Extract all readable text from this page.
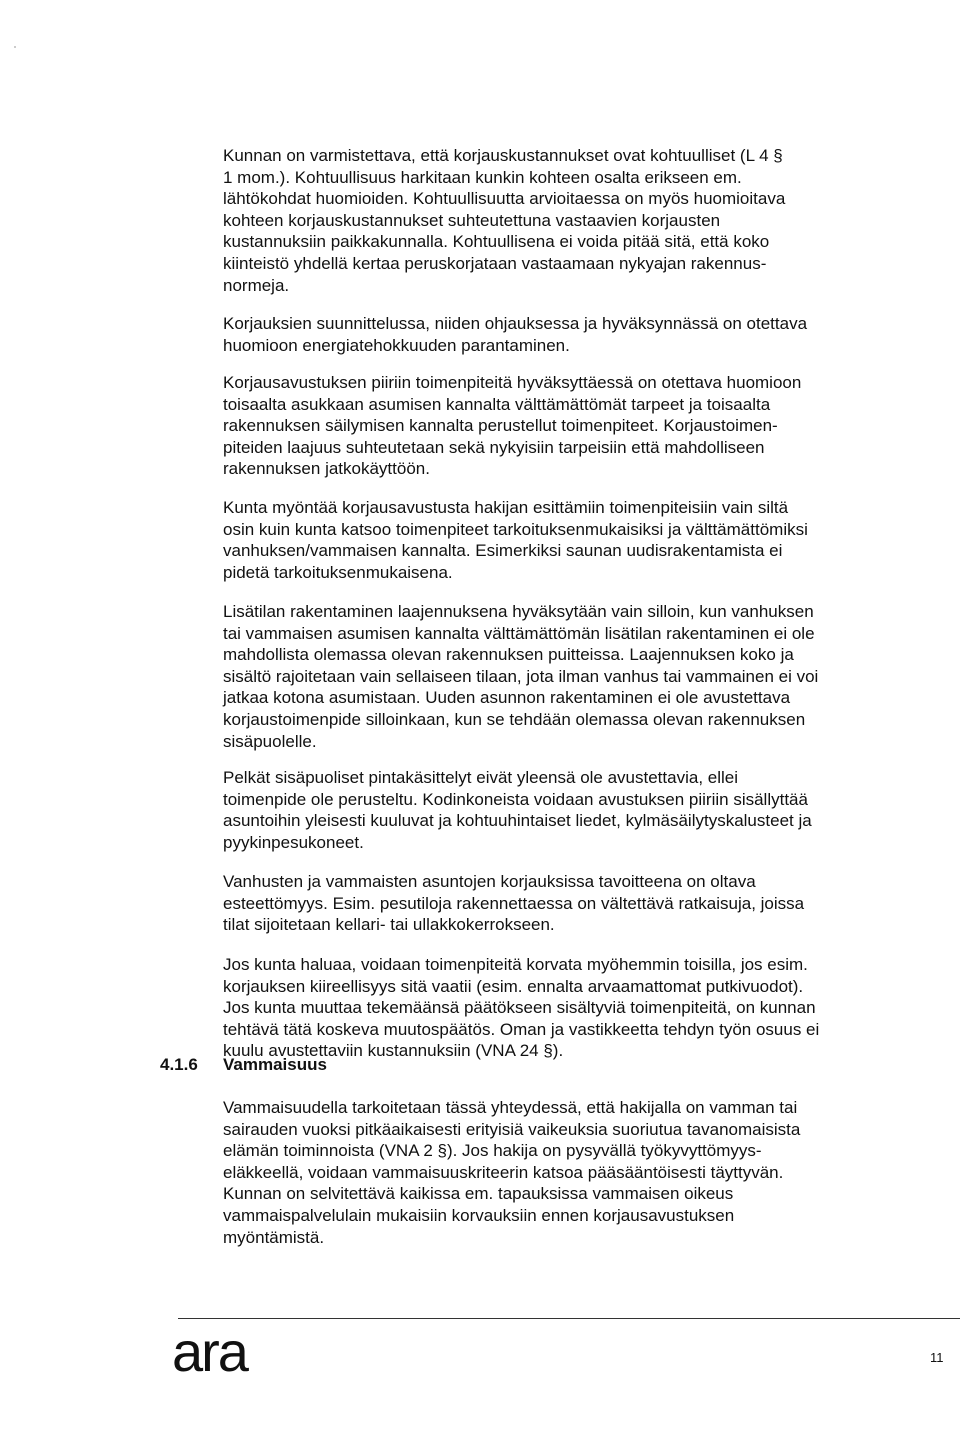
Kunnan on varmistettava, että korjauskustannukset ovat kohtuulliset (L 4 §
1 mom.). Kohtuullisuus harkitaan kunkin kohteen osalta erikseen em.
lähtökohdat huomioiden. Kohtuullisuutta arvioitaessa on myös huomioitava
kohteen korjauskustannukset suhteutettuna vastaavien korjausten
kustannuksiin paikkakunnalla. Kohtuullisena ei voida pitää sitä, että koko
kiinteistö yhdellä kertaa peruskorjataan vastaamaan nykyajan rakennus-
normeja.

Korjauksien suunnittelussa, niiden ohjauksessa ja hyväksynnässä on otettava
huomioon energiatehokkuuden parantaminen.

Korjausavustuksen piiriin toimenpiteitä hyväksyttäessä on otettava huomioon
toisaalta asukkaan asumisen kannalta välttämättömät tarpeet ja toisaalta
rakennuksen säilymisen kannalta perustellut toimenpiteet. Korjaustoimen-
piteiden laajuus suhteutetaan sekä nykyisiin tarpeisiin että mahdolliseen
rakennuksen jatkokäyttöön.

Kunta myöntää korjausavustusta hakijan esittämiin toimenpiteisiin vain siltä
osin kuin kunta katsoo toimenpiteet tarkoituksenmukaisiksi ja välttämättömiksi
vanhuksen/vammaisen kannalta. Esimerkiksi saunan uudisrakentamista ei
pidetä tarkoituksenmukaisena.

Lisätilan rakentaminen laajennuksena hyväksytään vain silloin, kun vanhuksen
tai vammaisen asumisen kannalta välttämättömän lisätilan rakentaminen ei ole
mahdollista olemassa olevan rakennuksen puitteissa. Laajennuksen koko ja
sisältö rajoitetaan vain sellaiseen tilaan, jota ilman vanhus tai vammainen ei voi
jatkaa kotona asumistaan. Uuden asunnon rakentaminen ei ole avustettava
korjaustoimenpide silloinkaan, kun se tehdään olemassa olevan rakennuksen
sisäpuolelle.

Pelkät sisäpuoliset pintakäsittelyt eivät yleensä ole avustettavia, ellei
toimenpide ole perusteltu. Kodinkoneista voidaan avustuksen piiriin sisällyttää
asuntoihin yleisesti kuuluvat ja kohtuuhintaiset liedet, kylmäsäilytyskalusteet ja
pyykinpesukoneet.

Vanhusten ja vammaisten asuntojen korjauksissa tavoitteena on oltava
esteettömyys. Esim. pesutiloja rakennettaessa on vältettävä ratkaisuja, joissa
tilat sijoitetaan kellari- tai ullakkokerrokseen.

Jos kunta haluaa, voidaan toimenpiteitä korvata myöhemmin toisilla, jos esim.
korjauksen kiireellisyys sitä vaatii (esim. ennalta arvaamattomat putkivuodot).
Jos kunta muuttaa tekemäänsä päätökseen sisältyviä toimenpiteitä, on kunnan
tehtävä tätä koskeva muutospäätös. Oman ja vastikkeetta tehdyn työn osuus ei
kuulu avustettaviin kustannuksiin (VNA 24 §).

4.1.6 Vammaisuus

Vammaisuudella tarkoitetaan tässä yhteydessä, että hakijalla on vamman tai
sairauden vuoksi pitkäaikaisesti erityisiä vaikeuksia suoriutua tavanomaisista
elämän toiminnoista (VNA 2 §). Jos hakija on pysyvällä työkyvyttömyys-
eläkkeellä, voidaan vammaisuuskriteerin katsoa pääsääntöisesti täyttyvän.
Kunnan on selvitettävä kaikissa em. tapauksissa vammaisen oikeus
vammaispalvelulain mukaisiin korvauksiin ennen korjausavustuksen
myöntämistä.

ara	11
